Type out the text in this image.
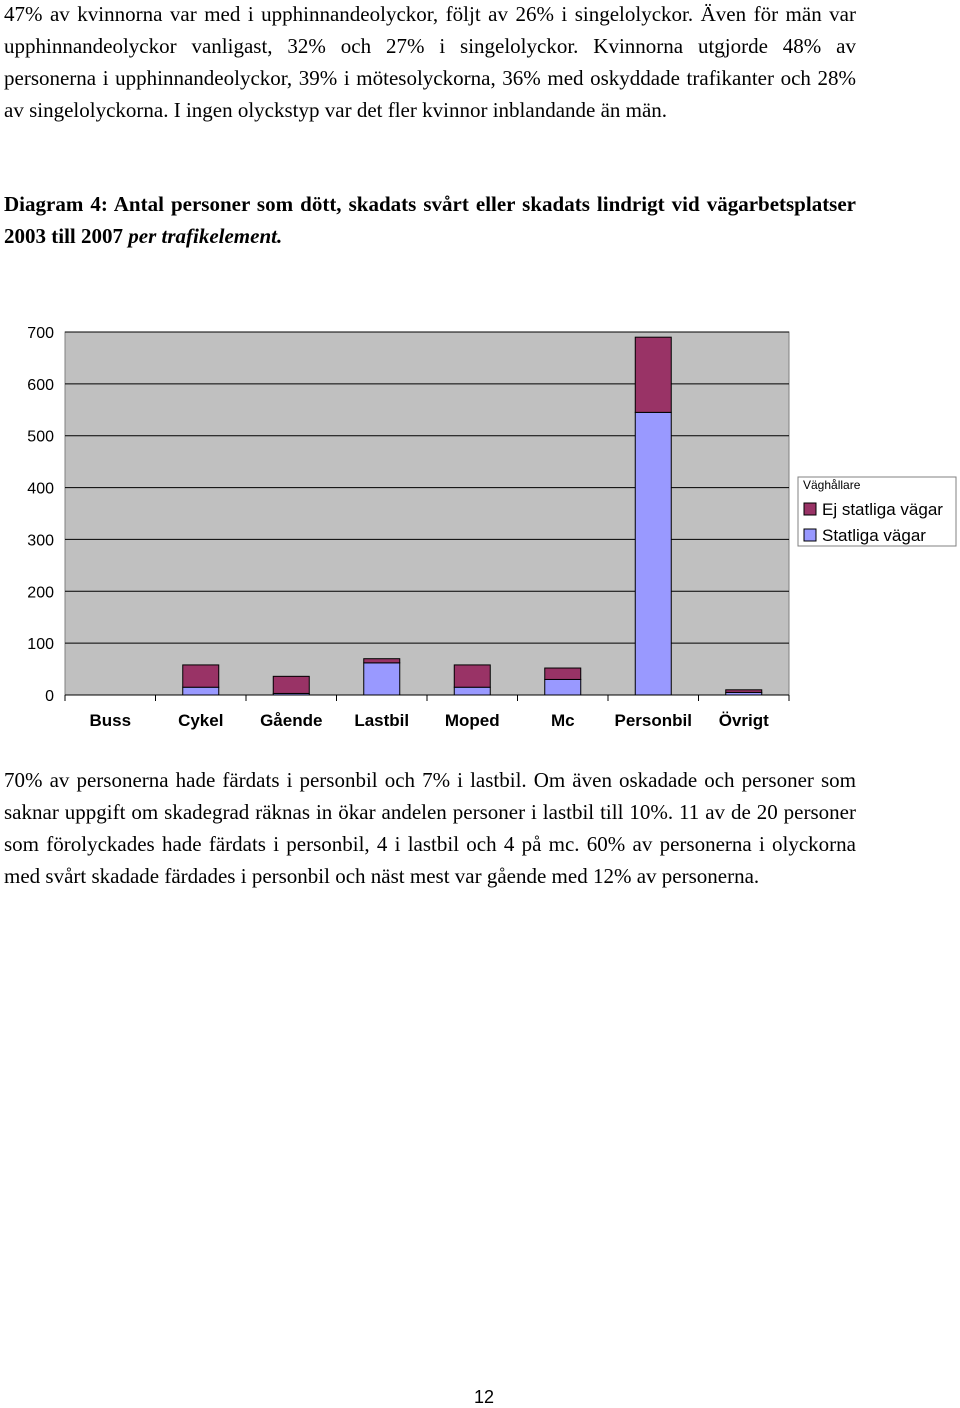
47% av kvinnorna var med i upphinnandeolyckor, följt av 26% i singelolyckor. Även för män var upphinnandeolyckor vanligast, 32% och 27% i singelolyckor. Kvinnorna utgjorde 48% av personerna i upphinnandeolyckor, 39% i mötesolyckorna, 36% med oskyddade trafikanter och 28% av singelolyckorna. I ingen olyckstyp var det fler kvinnor inblandande än män.

Diagram 4: Antal personer som dött, skadats svårt eller skadats lindrigt vid vägarbetsplatser 2003 till 2007 per trafikelement.

0
100
200
300
400
500
600
700
Buss	Cykel Gående Lastbil Moped	Mc Personbil Övrigt
Väghållare
Ej statliga vägar
Statliga vägar

70% av personerna hade färdats i personbil och 7% i lastbil. Om även oskadade och personer som saknar uppgift om skadegrad räknas in ökar andelen personer i lastbil till 10%. 11 av de 20 personer som förolyckades hade färdats i personbil, 4 i lastbil och 4 på mc. 60% av personerna i olyckorna med svårt skadade färdades i personbil och näst mest var gående med 12% av personerna.

12
